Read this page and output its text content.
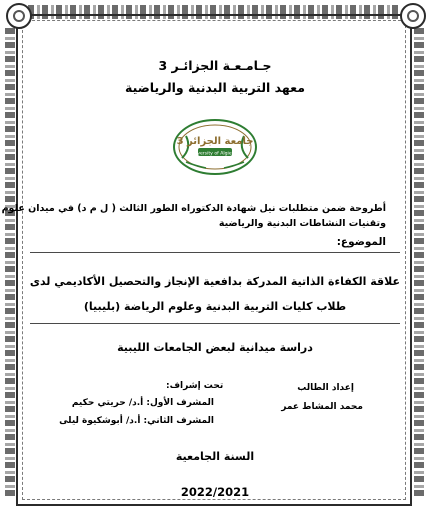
جـامـعـة الجزائـر 3
معهد التربية البدنية والرياضية
جامعة الجزائر 3
University of Algiers 3
أطروحة ضمن متطلبات نيل شهادة الدكتوراه الطور الثالث ( ل م د) في ميدان علوم
وتقنيات النشاطات البدنية والرياضية
الموضوع:
علاقة الكفاءة الذاتية المدركة بدافعية الإنجاز والتحصيل الأكاديمي لدى
طلاب كليات التربية البدنية وعلوم الرياضة (بليبيا)
دراسة ميدانية لبعض الجامعات الليبية
إعداد الطالب
محمد المشاط عمر
تحت إشراف:
المشرف الأول: أ.د/ حريتي حكيم
المشرف الثاني: أ.د/ أبوشكيوة ليلى
السنة الجامعية
2022/2021
